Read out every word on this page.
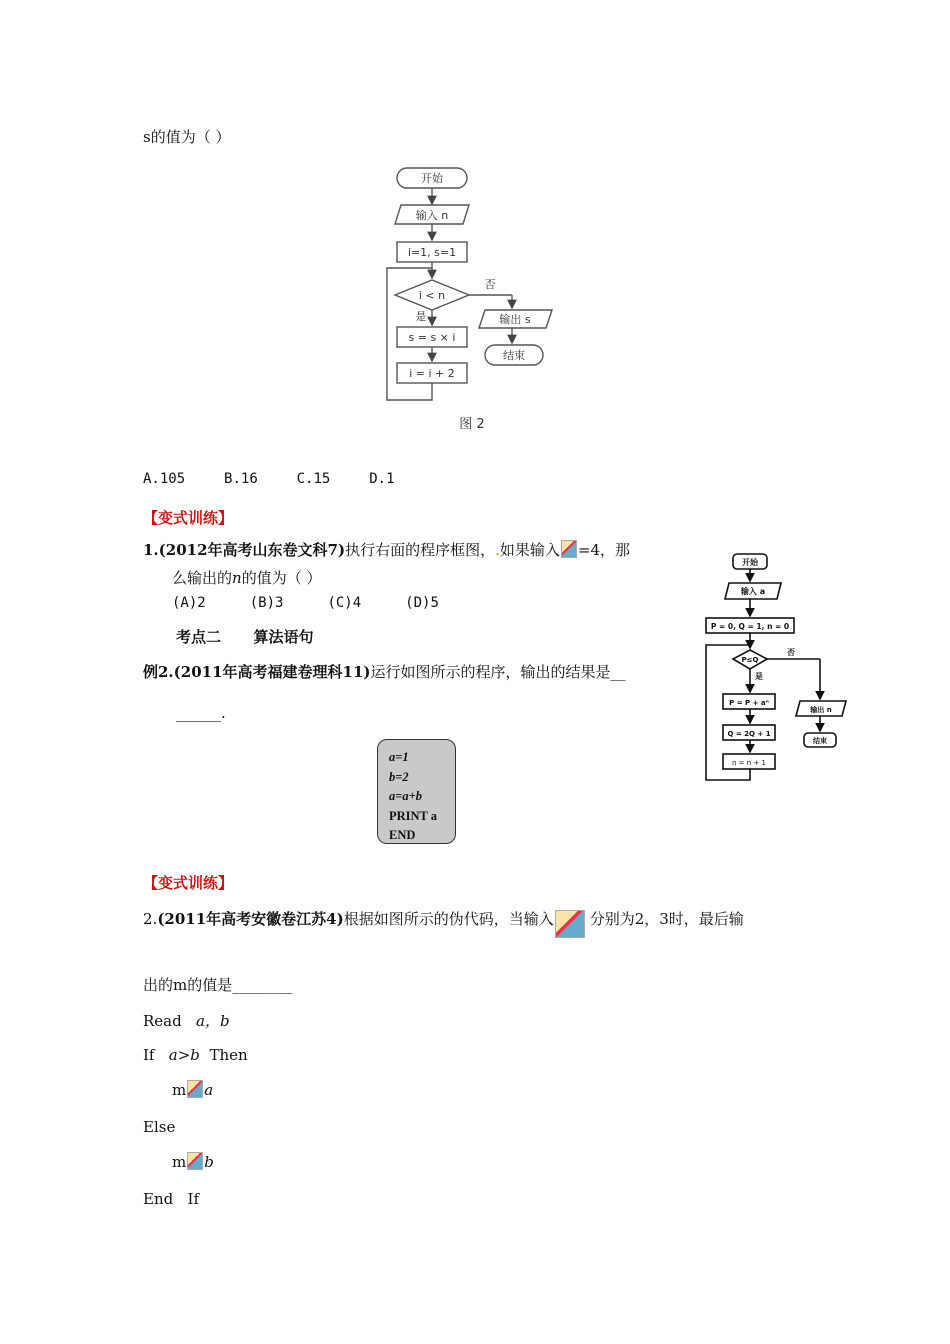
s的值为（ ）
开始
输入 n
i=1, s=1
i < n
否
是
s = s × i
i = i + 2
输出 s
结束
图 2
A.105	B.16	C.15	D.1
【变式训练】
1.(2012年高考山东卷文科7)执行右面的程序框图，.如果输入 =4，那
么输出的n的值为（ ）
(A)2	(B)3	(C)4	(D)5
开始
输入 a
P = 0, Q = 1, n = 0
P≤Q
否
是
P = P + aⁿ
Q = 2Q + 1
n = n + 1
输出 n
结束
考点二 算法语句
例2.(2011年高考福建卷理科11)运行如图所示的程序，输出的结果是__
______.
a=1
b=2
a=a+b
PRINT a
END
【变式训练】
2.(2011年高考安徽卷江苏4)根据如图所示的伪代码，当输入 分别为2，3时，最后输
出的m的值是________
Read a，b
If a>b Then
m a
Else
m b
End   If
